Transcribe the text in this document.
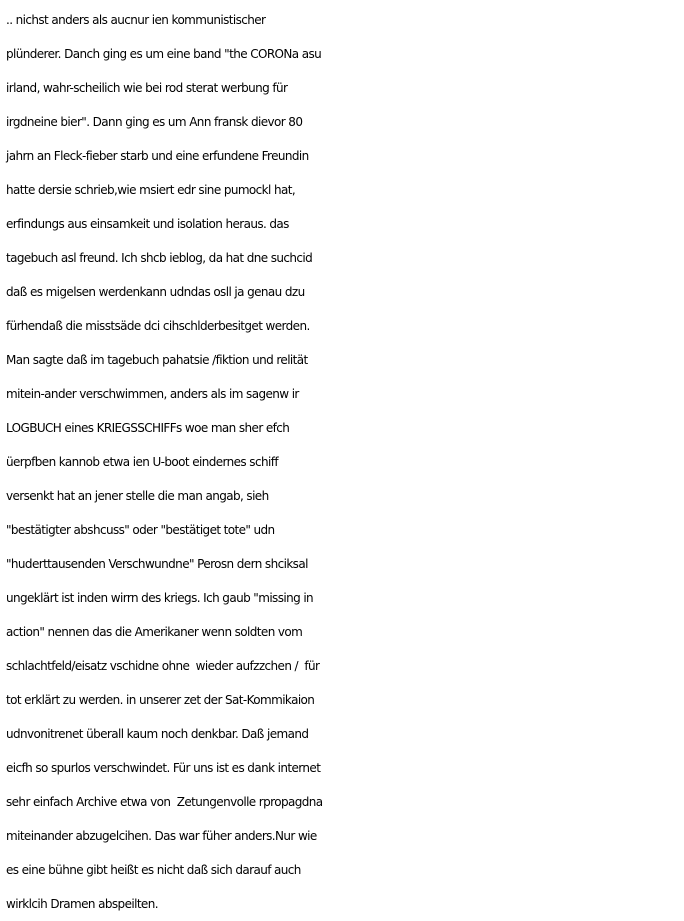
.. nichst anders als aucnur ien kommunistischer
plünderer. Danch ging es um eine band "the CORONa asu
irland, wahr-scheilich wie bei rod sterat werbung für
irgdneine bier". Dann ging es um Ann fransk dievor 80
jahrn an Fleck-fieber starb und eine erfundene Freundin
hatte dersie schrieb,wie msiert edr sine pumockl hat,
erfindungs aus einsamkeit und isolation heraus. das
tagebuch asl freund. Ich shcb ieblog, da hat dne suchcid
daß es migelsen werdenkann udndas osll ja genau dzu
fürhendaß die misstsäde dci cihschlderbesitget werden.
Man sagte daß im tagebuch pahatsie /fiktion und relität
mitein-ander verschwimmen, anders als im sagenw ir
LOGBUCH eines KRIEGSSCHIFFs woe man sher efch
üerpfben kannob etwa ien U-boot eindernes schiff
versenkt hat an jener stelle die man angab, sieh
"bestätigter abshcuss" oder "bestätiget tote" udn
"huderttausenden Verschwundne" Perosn dern shciksal
ungeklärt ist inden wirrn des kriegs. Ich gaub "missing in
action" nennen das die Amerikaner wenn soldten vom
schlachtfeld/eisatz vschidne ohne  wieder aufzzchen /  für
tot erklärt zu werden. in unserer zet der Sat-Kommikaion
udnvonitrenet überall kaum noch denkbar. Daß jemand
eicfh so spurlos verschwindet. Für uns ist es dank internet
sehr einfach Archive etwa von  Zetungenvolle rpropagdna
miteinander abzugelcihen. Das war füher anders.Nur wie
es eine bühne gibt heißt es nicht daß sich darauf auch
wirklcih Dramen abspeilten.
